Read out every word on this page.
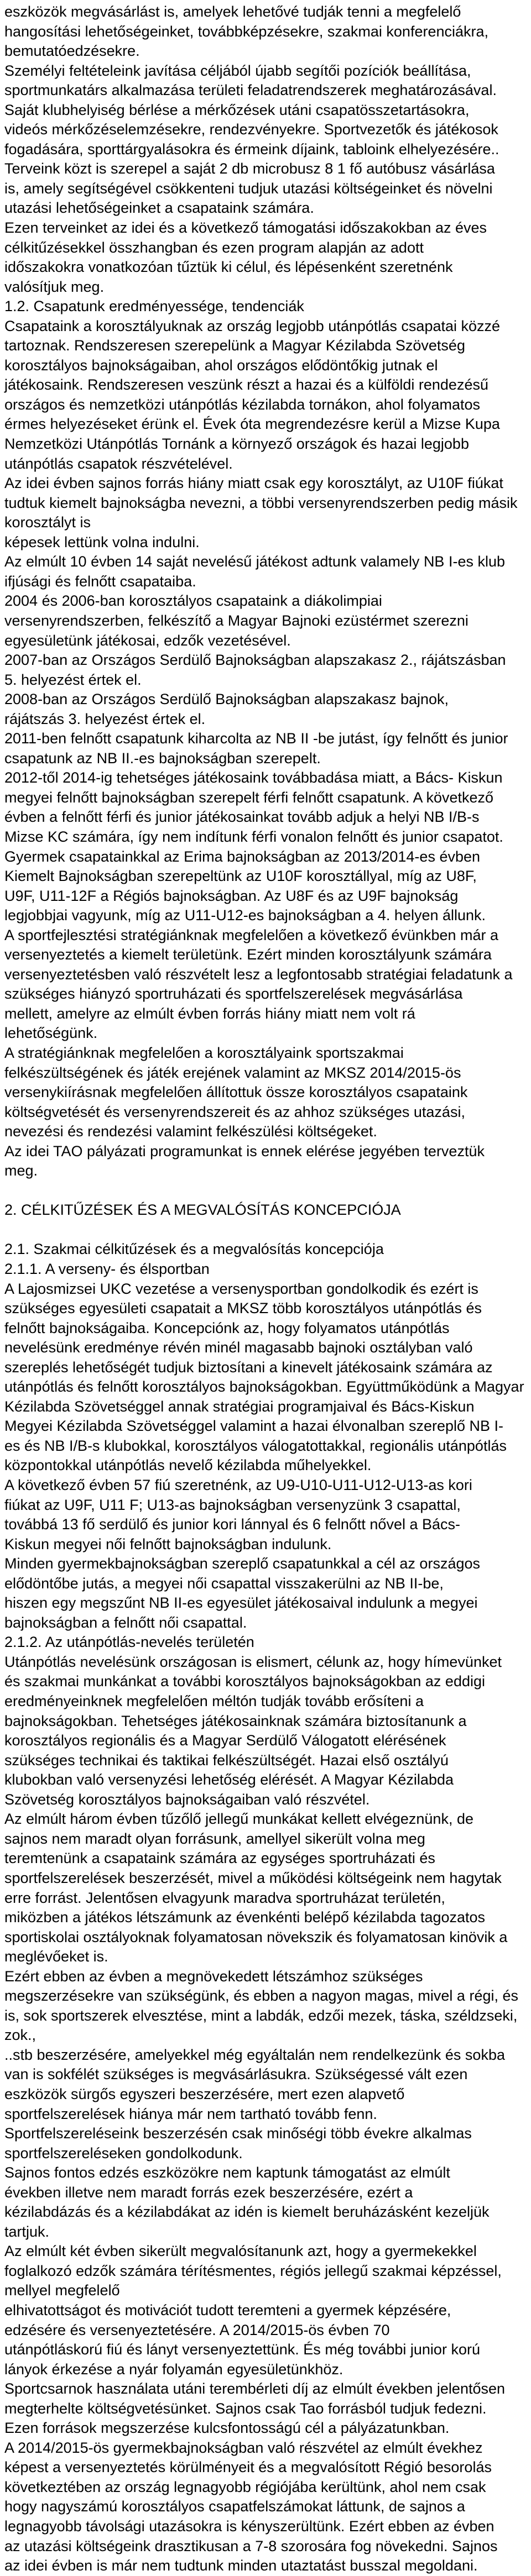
eszközök megvásárlást is, amelyek lehetővé tudják tenni a megfelelő
hangosítási lehetőségeinket, továbbképzésekre, szakmai konferenciákra,
bemutatóedzésekre.
Személyi feltételeink javítása céljából újabb segítői pozíciók beállítása,
sportmunkatárs alkalmazása területi feladatrendszerek meghatározásával.
Saját klubhelyiség bérlése a mérkőzések utáni csapatösszetartásokra,
videós mérkőzéselemzésekre, rendezvényekre. Sportvezetők és játékosok
fogadására, sporttárgyalásokra és érmeink díjaink, tabloink elhelyezésére..
Terveink közt is szerepel a saját 2 db microbusz 8 1 fő autóbusz vásárlása
is, amely segítségével csökkenteni tudjuk utazási költségeinket és növelni
utazási lehetőségeinket a csapataink számára.
Ezen terveinket az idei és a következő támogatási időszakokban az éves
célkitűzésekkel összhangban és ezen program alapján az adott
időszakokra vonatkozóan tűztük ki célul, és lépésenként szeretnénk
valósítjuk meg.
1.2. Csapatunk eredményessége, tendenciák
Csapataink a korosztályuknak az ország legjobb utánpótlás csapatai közzé
tartoznak. Rendszeresen szerepelünk a Magyar Kézilabda Szövetség
korosztályos bajnokságaiban, ahol országos elődöntőkig jutnak el
játékosaink. Rendszeresen veszünk részt a hazai és a külföldi rendezésű
országos és nemzetközi utánpótlás kézilabda tornákon, ahol folyamatos
érmes helyezéseket érünk el. Évek óta megrendezésre kerül a Mizse Kupa
Nemzetközi Utánpótlás Tornánk a környező országok és hazai legjobb
utánpótlás csapatok részvételével.
Az idei évben sajnos forrás hiány miatt csak egy korosztályt, az U10F fiúkat
tudtuk kiemelt bajnokságba nevezni, a többi versenyrendszerben pedig másik korosztályt is
képesek lettünk volna indulni.
Az elmúlt 10 évben 14 saját nevelésű játékost adtunk valamely NB I-es klub
ifjúsági és felnőtt csapataiba.
2004 és 2006-ban korosztályos csapataink a diákolimpiai
versenyrendszerben, felkészítő a Magyar Bajnoki ezüstérmet szerezni
egyesületünk játékosai, edzők vezetésével.
2007-ban az Országos Serdülő Bajnokságban alapszakasz 2., rájátszásban
5. helyezést értek el.
2008-ban az Országos Serdülő Bajnokságban alapszakasz bajnok,
rájátszás 3. helyezést értek el.
2011-ben felnőtt csapatunk kiharcolta az NB II -be jutást, így felnőtt és junior
csapatunk az NB II.-es bajnokságban szerepelt.
2012-től 2014-ig tehetséges játékosaink továbbadása miatt, a Bács- Kiskun
megyei felnőtt bajnokságban szerepelt férfi felnőtt csapatunk. A következő
évben a felnőtt férfi és junior játékosainkat tovább adjuk a helyi NB I/B-s
Mizse KC számára, így nem indítunk férfi vonalon felnőtt és junior csapatot.
Gyermek csapatainkkal az Erima bajnokságban az 2013/2014-es évben
Kiemelt Bajnokságban szerepeltünk az U10F korosztállyal, míg az U8F,
U9F, U11-12F a Régiós bajnokságban. Az U8F és az U9F bajnokság
legjobbjai vagyunk, míg az U11-U12-es bajnokságban a 4. helyen állunk.
A sportfejlesztési stratégiánknak megfelelően a következő évünkben már a
versenyeztetés a kiemelt területünk. Ezért minden korosztályunk számára
versenyeztetésben való részvételt lesz a legfontosabb stratégiai feladatunk a
szükséges hiányzó sportruházati és sportfelszerelések megvásárlása
mellett, amelyre az elmúlt évben forrás hiány miatt nem volt rá
lehetőségünk.
A stratégiánknak megfelelően a korosztályaink sportszakmai
felkészültségének és játék erejének valamint az MKSZ 2014/2015-ös
versenykiírásnak megfelelően állítottuk össze korosztályos csapataink
költségvetését és versenyrendszereit és az ahhoz szükséges utazási,
nevezési és rendezési valamint felkészülési költségeket.
Az idei TAO pályázati programunkat is ennek elérése jegyében terveztük
meg.
2. CÉLKITŰZÉSEK ÉS A MEGVALÓSÍTÁS KONCEPCIÓJA
2.1. Szakmai célkitűzések és a megvalósítás koncepciója
2.1.1. A verseny- és élsportban
A Lajosmizsei UKC vezetése a versenysportban gondolkodik és ezért is
szükséges egyesületi csapatait a MKSZ több korosztályos utánpótlás és
felnőtt bajnokságaiba. Koncepciónk az, hogy folyamatos utánpótlás
nevelésünk eredménye révén minél magasabb bajnoki osztályban való
szereplés lehetőségét tudjuk biztosítani a kinevelt játékosaink számára az
utánpótlás és felnőtt korosztályos bajnokságokban. Együttműködünk a Magyar
Kézilabda Szövetséggel annak stratégiai programjaival és Bács-Kiskun
Megyei Kézilabda Szövetséggel valamint a hazai élvonalban szereplő NB I-
es és NB I/B-s klubokkal, korosztályos válogatottakkal, regionális utánpótlás
központokkal utánpótlás nevelő kézilabda műhelyekkel.
A következő évben 57 fiú szeretnénk, az U9-U10-U11-U12-U13-as kori
fiúkat az U9F, U11 F; U13-as bajnokságban versenyzünk 3 csapattal,
továbbá 13 fő serdülő és junior kori lánnyal és 6 felnőtt nővel a Bács-
Kiskun megyei női felnőtt bajnokságban indulunk.
Minden gyermekbajnokságban szereplő csapatunkkal a cél az országos
elődöntőbe jutás, a megyei női csapattal visszakerülni az NB II-be,
hiszen egy megszűnt NB II-es egyesület játékosaival indulunk a megyei
bajnokságban a felnőtt női csapattal.
2.1.2. Az utánpótlás-nevelés területén
Utánpótlás nevelésünk országosan is elismert, célunk az, hogy hímevünket
és szakmai munkánkat a további korosztályos bajnokságokban az eddigi
eredményeinknek megfelelően méltón tudják tovább erősíteni a
bajnokságokban. Tehetséges játékosainknak számára biztosítanunk a
korosztályos regionális és a Magyar Serdülő Válogatott elérésének
szükséges technikai és taktikai felkészültségét. Hazai első osztályú
klubokban való versenyzési lehetőség elérését. A Magyar Kézilabda
Szövetség korosztályos bajnokságaiban való részvétel.
Az elmúlt három évben tűzőlő jellegű munkákat kellett elvégeznünk, de
sajnos nem maradt olyan forrásunk, amellyel sikerült volna meg
teremtenünk a csapataink számára az egységes sportruházati és
sportfelszerelések beszerzését, mivel a működési költségeink nem hagytak
erre forrást. Jelentősen elvagyunk maradva sportruházat területén,
miközben a játékos létszámunk az évenkénti belépő kézilabda tagozatos
sportiskolai osztályoknak folyamatosan növekszik és folyamatosan kinövik a
meglévőeket is.
Ezért ebben az évben a megnövekedett létszámhoz szükséges
megszerzésekre van szükségünk, és ebben a nagyon magas, mivel a régi, és
is, sok sportszerek elvesztése, mint a labdák, edzői mezek, táska, széldzseki, zok.,
..stb beszerzésére, amelyekkel még egyáltalán nem rendelkezünk és sokba
van is sokfélét szükséges is megvásárlásukra. Szükségessé vált ezen
eszközök sürgős egyszeri beszerzésére, mert ezen alapvető
sportfelszerelések hiánya már nem tartható tovább fenn.
Sportfelszereléseink beszerzésén csak minőségi több évekre alkalmas
sportfelszereléseken gondolkodunk.
Sajnos fontos edzés eszközökre nem kaptunk támogatást az elmúlt
években illetve nem maradt forrás ezek beszerzésére, ezért a
kézilabdázás és a kézilabdákat az idén is kiemelt beruházásként kezeljük
tartjuk.
Az elmúlt két évben sikerült megvalósítanunk azt, hogy a gyermekekkel
foglalkozó edzők számára térítésmentes, régiós jellegű szakmai képzéssel, mellyel megfelelő
elhivatottságot és motivációt tudott teremteni a gyermek képzésére,
edzésére és versenyeztetésére. A 2014/2015-ös évben 70
utánpótláskorú fiú és lányt versenyeztettünk. És még további junior korú
lányok érkezése a nyár folyamán egyesületünkhöz.
Sportcsarnok használata utáni terembérleti díj az elmúlt években jelentősen
megterhelte költségvetésünket. Sajnos csak Tao forrásból tudjuk fedezni.
Ezen források megszerzése kulcsfontosságú cél a pályázatunkban.
A 2014/2015-ös gyermekbajnokságban való részvétel az elmúlt évekhez
képest a versenyeztetés körülményeit és a megvalósított Régió besorolás
következtében az ország legnagyobb régiójába kerültünk, ahol nem csak
hogy nagyszámú korosztályos csapatfelszámokat láttunk, de sajnos a
legnagyobb távolsági utazásokra is kényszerültünk. Ezért ebben az évben
az utazási költségeink drasztikusan a 7-8 szorosára fog növekedni. Sajnos
az idei évben is már nem tudtunk minden utaztatást busszal megoldani.
